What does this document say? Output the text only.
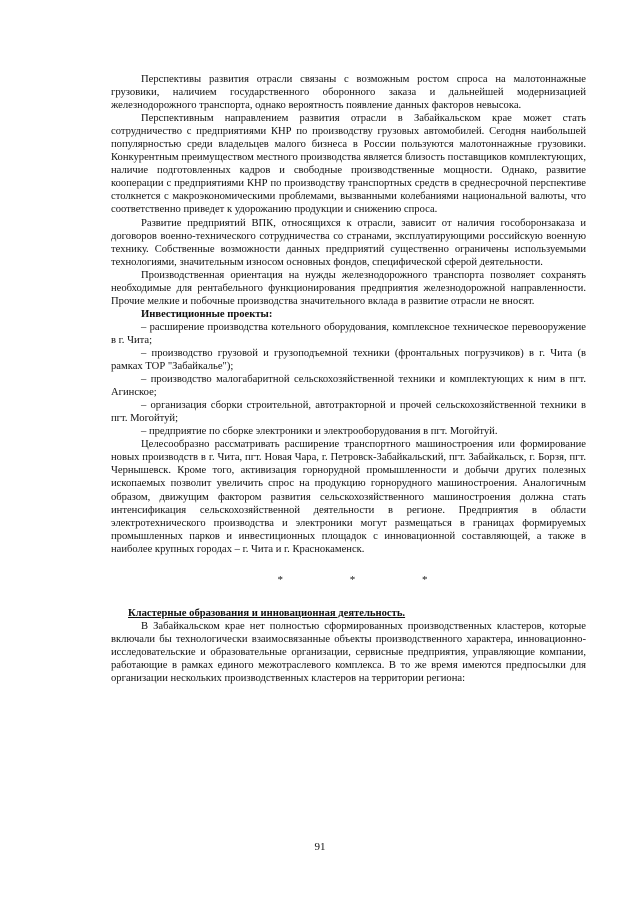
Перспективы развития отрасли связаны с возможным ростом спроса на малотоннажные грузовики, наличием государственного оборонного заказа и дальнейшей модернизацией железнодорожного транспорта, однако вероятность появление данных факторов невысока.

Перспективным направлением развития отрасли в Забайкальском крае может стать сотрудничество с предприятиями КНР по производству грузовых автомобилей. Сегодня наибольшей популярностью среди владельцев малого бизнеса в России пользуются малотоннажные грузовики. Конкурентным преимуществом местного производства является близость поставщиков комплектующих, наличие подготовленных кадров и свободные производственные мощности. Однако, развитие кооперации с предприятиями КНР по производству транспортных средств в среднесрочной перспективе столкнется с макроэкономическими проблемами, вызванными колебаниями национальной валюты, что соответственно приведет к удорожанию продукции и снижению спроса.

Развитие предприятий ВПК, относящихся к отрасли, зависит от наличия гособоронзаказа и договоров военно-технического сотрудничества со странами, эксплуатирующими российскую военную технику. Собственные возможности данных предприятий существенно ограничены используемыми технологиями, значительным износом основных фондов, специфической сферой деятельности.

Производственная ориентация на нужды железнодорожного транспорта позволяет сохранять необходимые для рентабельного функционирования предприятия железнодорожной направленности. Прочие мелкие и побочные производства значительного вклада в развитие отрасли не вносят.

Инвестиционные проекты:

– расширение производства котельного оборудования, комплексное техническое перевооружение в г. Чита;

– производство грузовой и грузоподъемной техники (фронтальных погрузчиков) в г. Чита (в рамках ТОР "Забайкалье");

– производство малогабаритной сельскохозяйственной техники и комплектующих к ним в пгт. Агинское;

– организация сборки строительной, автотракторной и прочей сельскохозяйственной техники в пгт. Могойтуй;

– предприятие по сборке электроники и электрооборудования в пгт. Могойтуй.

Целесообразно рассматривать расширение транспортного машиностроения или формирование новых производств в г. Чита, пгт. Новая Чара, г. Петровск-Забайкальский, пгт. Забайкальск, г. Борзя, пгт. Чернышевск. Кроме того, активизация горнорудной промышленности и добычи других полезных ископаемых позволит увеличить спрос на продукцию горнорудного машиностроения. Аналогичным образом, движущим фактором развития сельскохозяйственного машиностроения должна стать интенсификация сельскохозяйственной деятельности в регионе. Предприятия в области электротехнического производства и электроники могут размещаться в границах формируемых промышленных парков и инвестиционных площадок с инновационной составляющей, а также в наиболее крупных городах – г. Чита и г. Краснокаменск.

*	*	*

Кластерные образования и инновационная деятельность.

В Забайкальском крае нет полностью сформированных производственных кластеров, которые включали бы технологически взаимосвязанные объекты производственного характера, инновационно-исследовательские и образовательные организации, сервисные предприятия, управляющие компании, работающие в рамках единого межотраслевого комплекса. В то же время имеются предпосылки для организации нескольких производственных кластеров на территории региона:

91
